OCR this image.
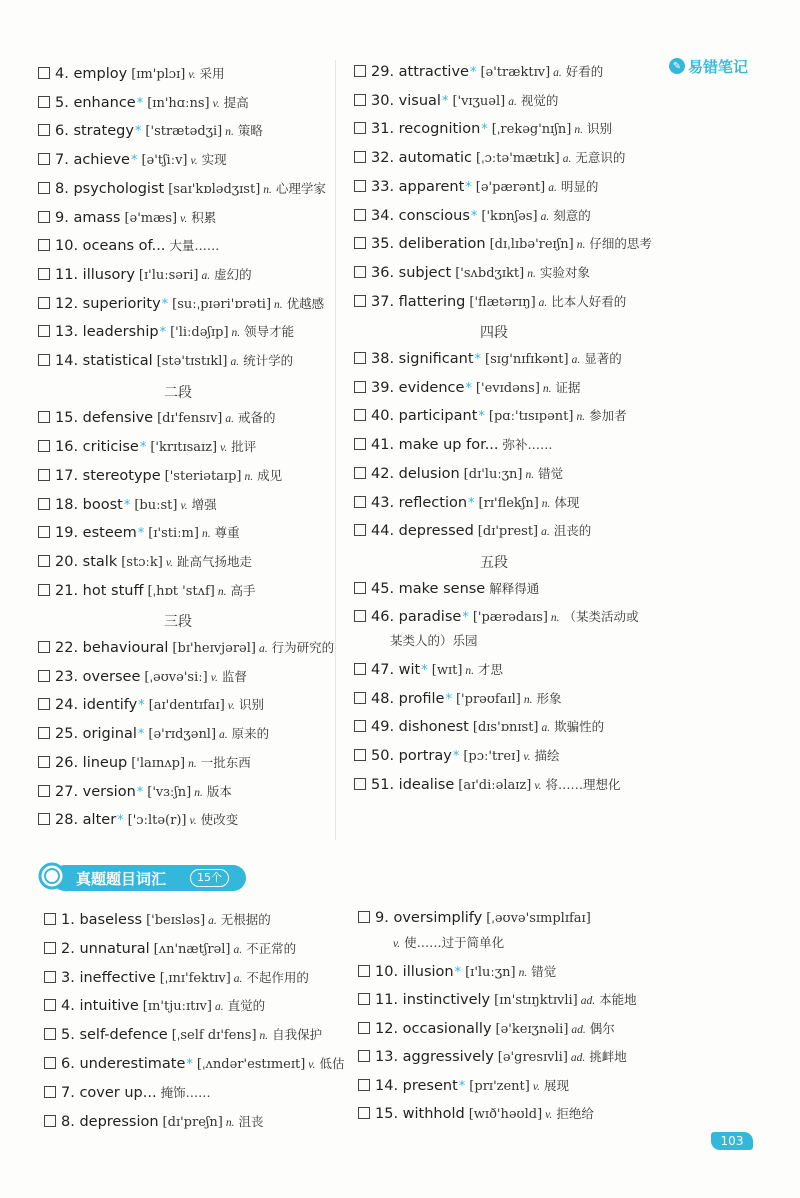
✎ 易错笔记
4. employ [ɪm'plɔɪ] v. 采用
5. enhance* [ɪn'hɑːns] v. 提高
6. strategy* ['strætədʒi] n. 策略
7. achieve* [ə'tʃiːv] v. 实现
8. psychologist [saɪ'kɒlədʒɪst] n. 心理学家
9. amass [ə'mæs] v. 积累
10. oceans of... 大量……
11. illusory [ɪ'luːsəri] a. 虚幻的
12. superiority* [suːˌpɪəri'ɒrəti] n. 优越感
13. leadership* ['liːdəʃɪp] n. 领导才能
14. statistical [stə'tɪstɪkl] a. 统计学的
二段
15. defensive [dɪ'fensɪv] a. 戒备的
16. criticise* ['krɪtɪsaɪz] v. 批评
17. stereotype ['steriətaɪp] n. 成见
18. boost* [buːst] v. 增强
19. esteem* [ɪ'stiːm] n. 尊重
20. stalk [stɔːk] v. 趾高气扬地走
21. hot stuff [ˌhɒt 'stʌf] n. 高手
三段
22. behavioural [bɪ'heɪvjərəl] a. 行为研究的
23. oversee [ˌəʊvə'siː] v. 监督
24. identify* [aɪ'dentɪfaɪ] v. 识别
25. original* [ə'rɪdʒənl] a. 原来的
26. lineup ['laɪnʌp] n. 一批东西
27. version* ['vɜːʃn] n. 版本
28. alter* ['ɔːltə(r)] v. 使改变
29. attractive* [ə'træktɪv] a. 好看的
30. visual* ['vɪʒuəl] a. 视觉的
31. recognition* [ˌrekəg'nɪʃn] n. 识别
32. automatic [ˌɔːtə'mætɪk] a. 无意识的
33. apparent* [ə'pærənt] a. 明显的
34. conscious* ['kɒnʃəs] a. 刻意的
35. deliberation [dɪˌlɪbə'reɪʃn] n. 仔细的思考
36. subject ['sʌbdʒɪkt] n. 实验对象
37. flattering ['flætərɪŋ] a. 比本人好看的
四段
38. significant* [sɪg'nɪfɪkənt] a. 显著的
39. evidence* ['evɪdəns] n. 证据
40. participant* [pɑː'tɪsɪpənt] n. 参加者
41. make up for... 弥补……
42. delusion [dɪ'luːʒn] n. 错觉
43. reflection* [rɪ'flekʃn] n. 体现
44. depressed [dɪ'prest] a. 沮丧的
五段
45. make sense 解释得通
46. paradise* ['pærədaɪs] n. （某类活动或
某类人的）乐园
47. wit* [wɪt] n. 才思
48. profile* ['prəʊfaɪl] n. 形象
49. dishonest [dɪs'ɒnɪst] a. 欺骗性的
50. portray* [pɔː'treɪ] v. 描绘
51. idealise [aɪ'diːəlaɪz] v. 将……理想化
真题题目词汇	15个
1. baseless ['beɪsləs] a. 无根据的
2. unnatural [ʌn'nætʃrəl] a. 不正常的
3. ineffective [ˌɪnɪ'fektɪv] a. 不起作用的
4. intuitive [ɪn'tjuːɪtɪv] a. 直觉的
5. self-defence [ˌself dɪ'fens] n. 自我保护
6. underestimate* [ˌʌndər'estɪmeɪt] v. 低估
7. cover up... 掩饰……
8. depression [dɪ'preʃn] n. 沮丧
9. oversimplify [ˌəʊvə'sɪmplɪfaɪ]
v. 使……过于简单化
10. illusion* [ɪ'luːʒn] n. 错觉
11. instinctively [ɪn'stɪŋktɪvli] ad. 本能地
12. occasionally [ə'keɪʒnəli] ad. 偶尔
13. aggressively [ə'gresɪvli] ad. 挑衅地
14. present* [prɪ'zent] v. 展现
15. withhold [wɪð'həʊld] v. 拒绝给
103
